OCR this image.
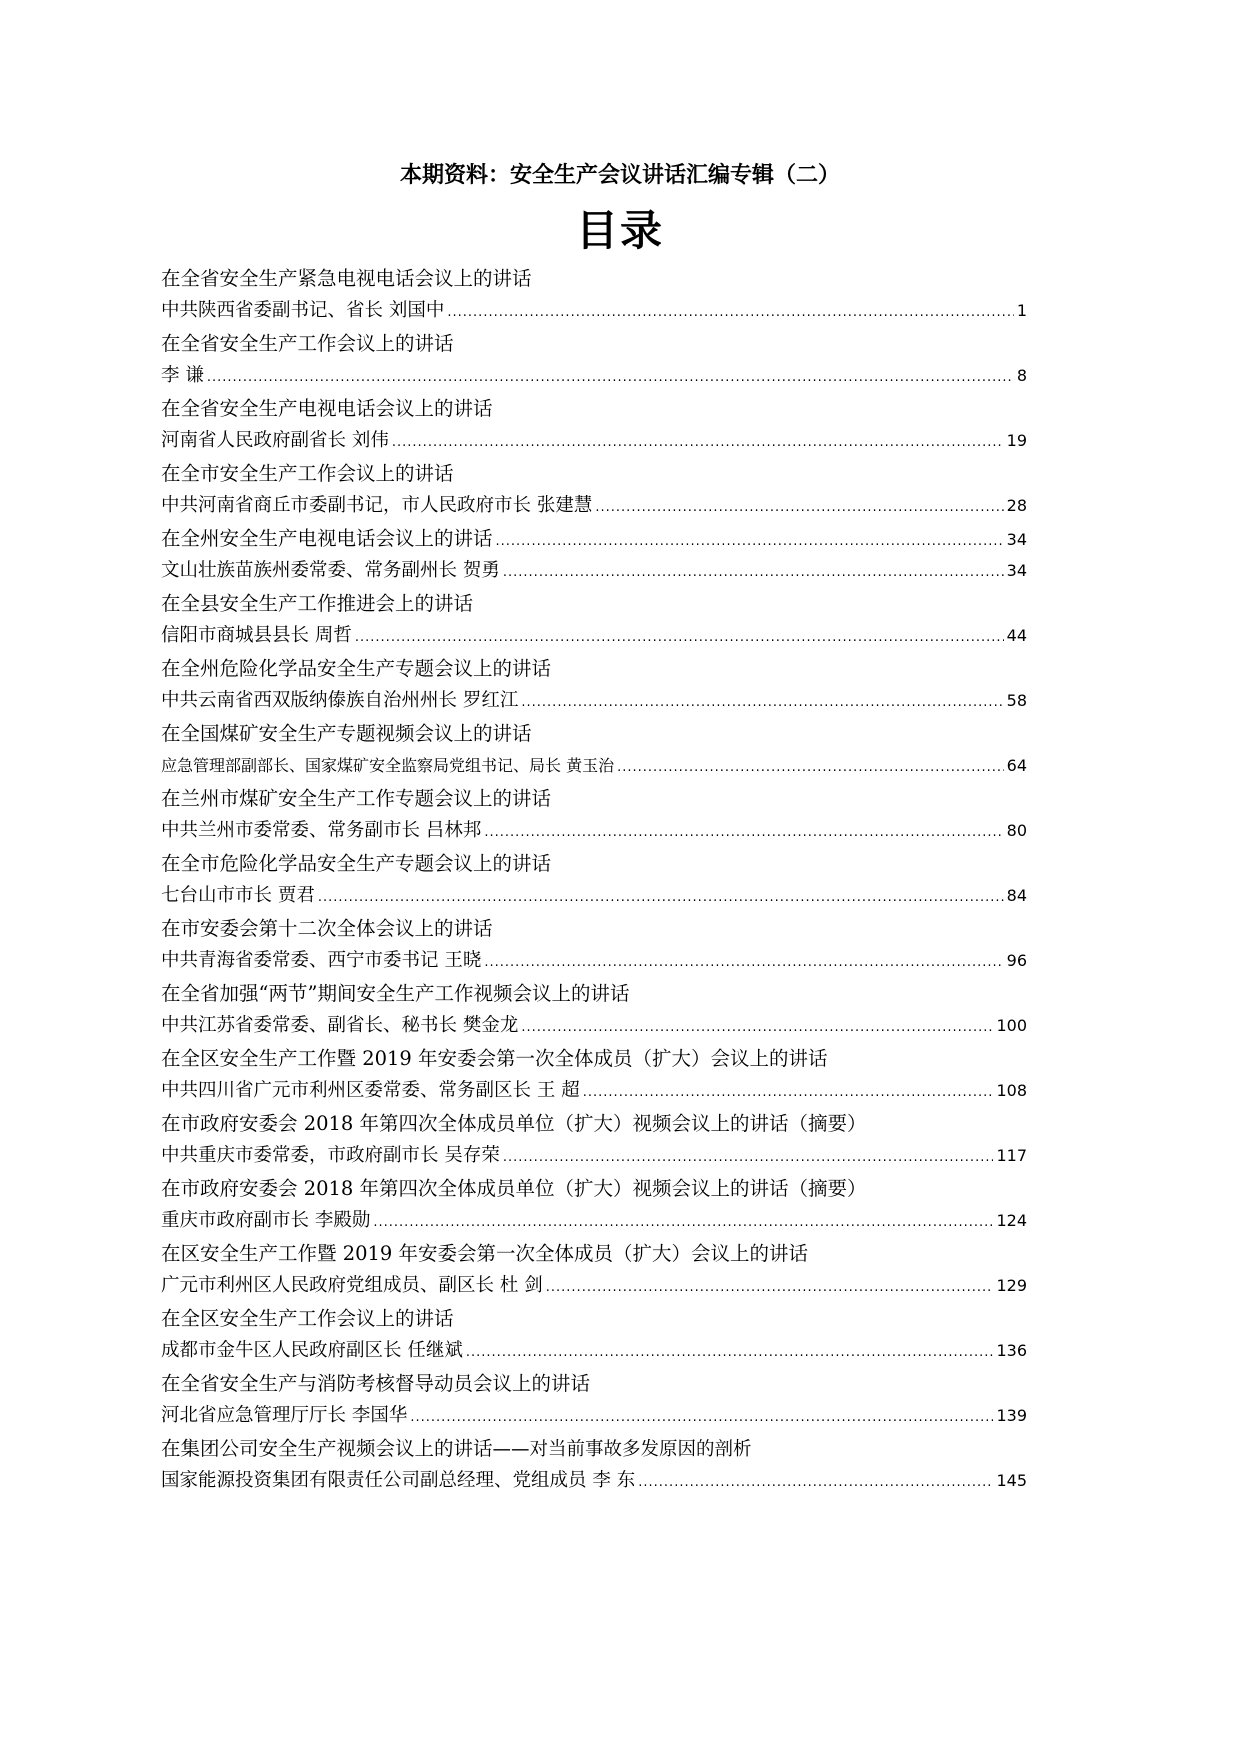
本期资料：安全生产会议讲话汇编专辑（二）
目录
在全省安全生产紧急电视电话会议上的讲话
中共陕西省委副书记、省长 刘国中 .....	1
在全省安全生产工作会议上的讲话
李 谦 .....	8
在全省安全生产电视电话会议上的讲话
河南省人民政府副省长 刘伟 .....	19
在全市安全生产工作会议上的讲话
中共河南省商丘市委副书记，市人民政府市长 张建慧 .....	28
在全州安全生产电视电话会议上的讲话 .....	34
文山壮族苗族州委常委、常务副州长 贺勇 .....	34
在全县安全生产工作推进会上的讲话
信阳市商城县县长 周哲 .....	44
在全州危险化学品安全生产专题会议上的讲话
中共云南省西双版纳傣族自治州州长 罗红江 .....	58
在全国煤矿安全生产专题视频会议上的讲话
应急管理部副部长、国家煤矿安全监察局党组书记、局长 黄玉治 .....	64
在兰州市煤矿安全生产工作专题会议上的讲话
中共兰州市委常委、常务副市长 吕林邦 .....	80
在全市危险化学品安全生产专题会议上的讲话
七台山市市长 贾君 .....	84
在市安委会第十二次全体会议上的讲话
中共青海省委常委、西宁市委书记 王晓 .....	96
在全省加强“两节”期间安全生产工作视频会议上的讲话
中共江苏省委常委、副省长、秘书长 樊金龙 .....	100
在全区安全生产工作暨 2019 年安委会第一次全体成员（扩大）会议上的讲话
中共四川省广元市利州区委常委、常务副区长 王 超 .....	108
在市政府安委会 2018 年第四次全体成员单位（扩大）视频会议上的讲话（摘要）
中共重庆市委常委，市政府副市长 吴存荣 .....	117
在市政府安委会 2018 年第四次全体成员单位（扩大）视频会议上的讲话（摘要）
重庆市政府副市长 李殿勋 .....	124
在区安全生产工作暨 2019 年安委会第一次全体成员（扩大）会议上的讲话
广元市利州区人民政府党组成员、副区长 杜 剑 .....	129
在全区安全生产工作会议上的讲话
成都市金牛区人民政府副区长 任继斌 .....	136
在全省安全生产与消防考核督导动员会议上的讲话
河北省应急管理厅厅长 李国华 .....	139
在集团公司安全生产视频会议上的讲话——对当前事故多发原因的剖析
国家能源投资集团有限责任公司副总经理、党组成员 李 东 .....	145
